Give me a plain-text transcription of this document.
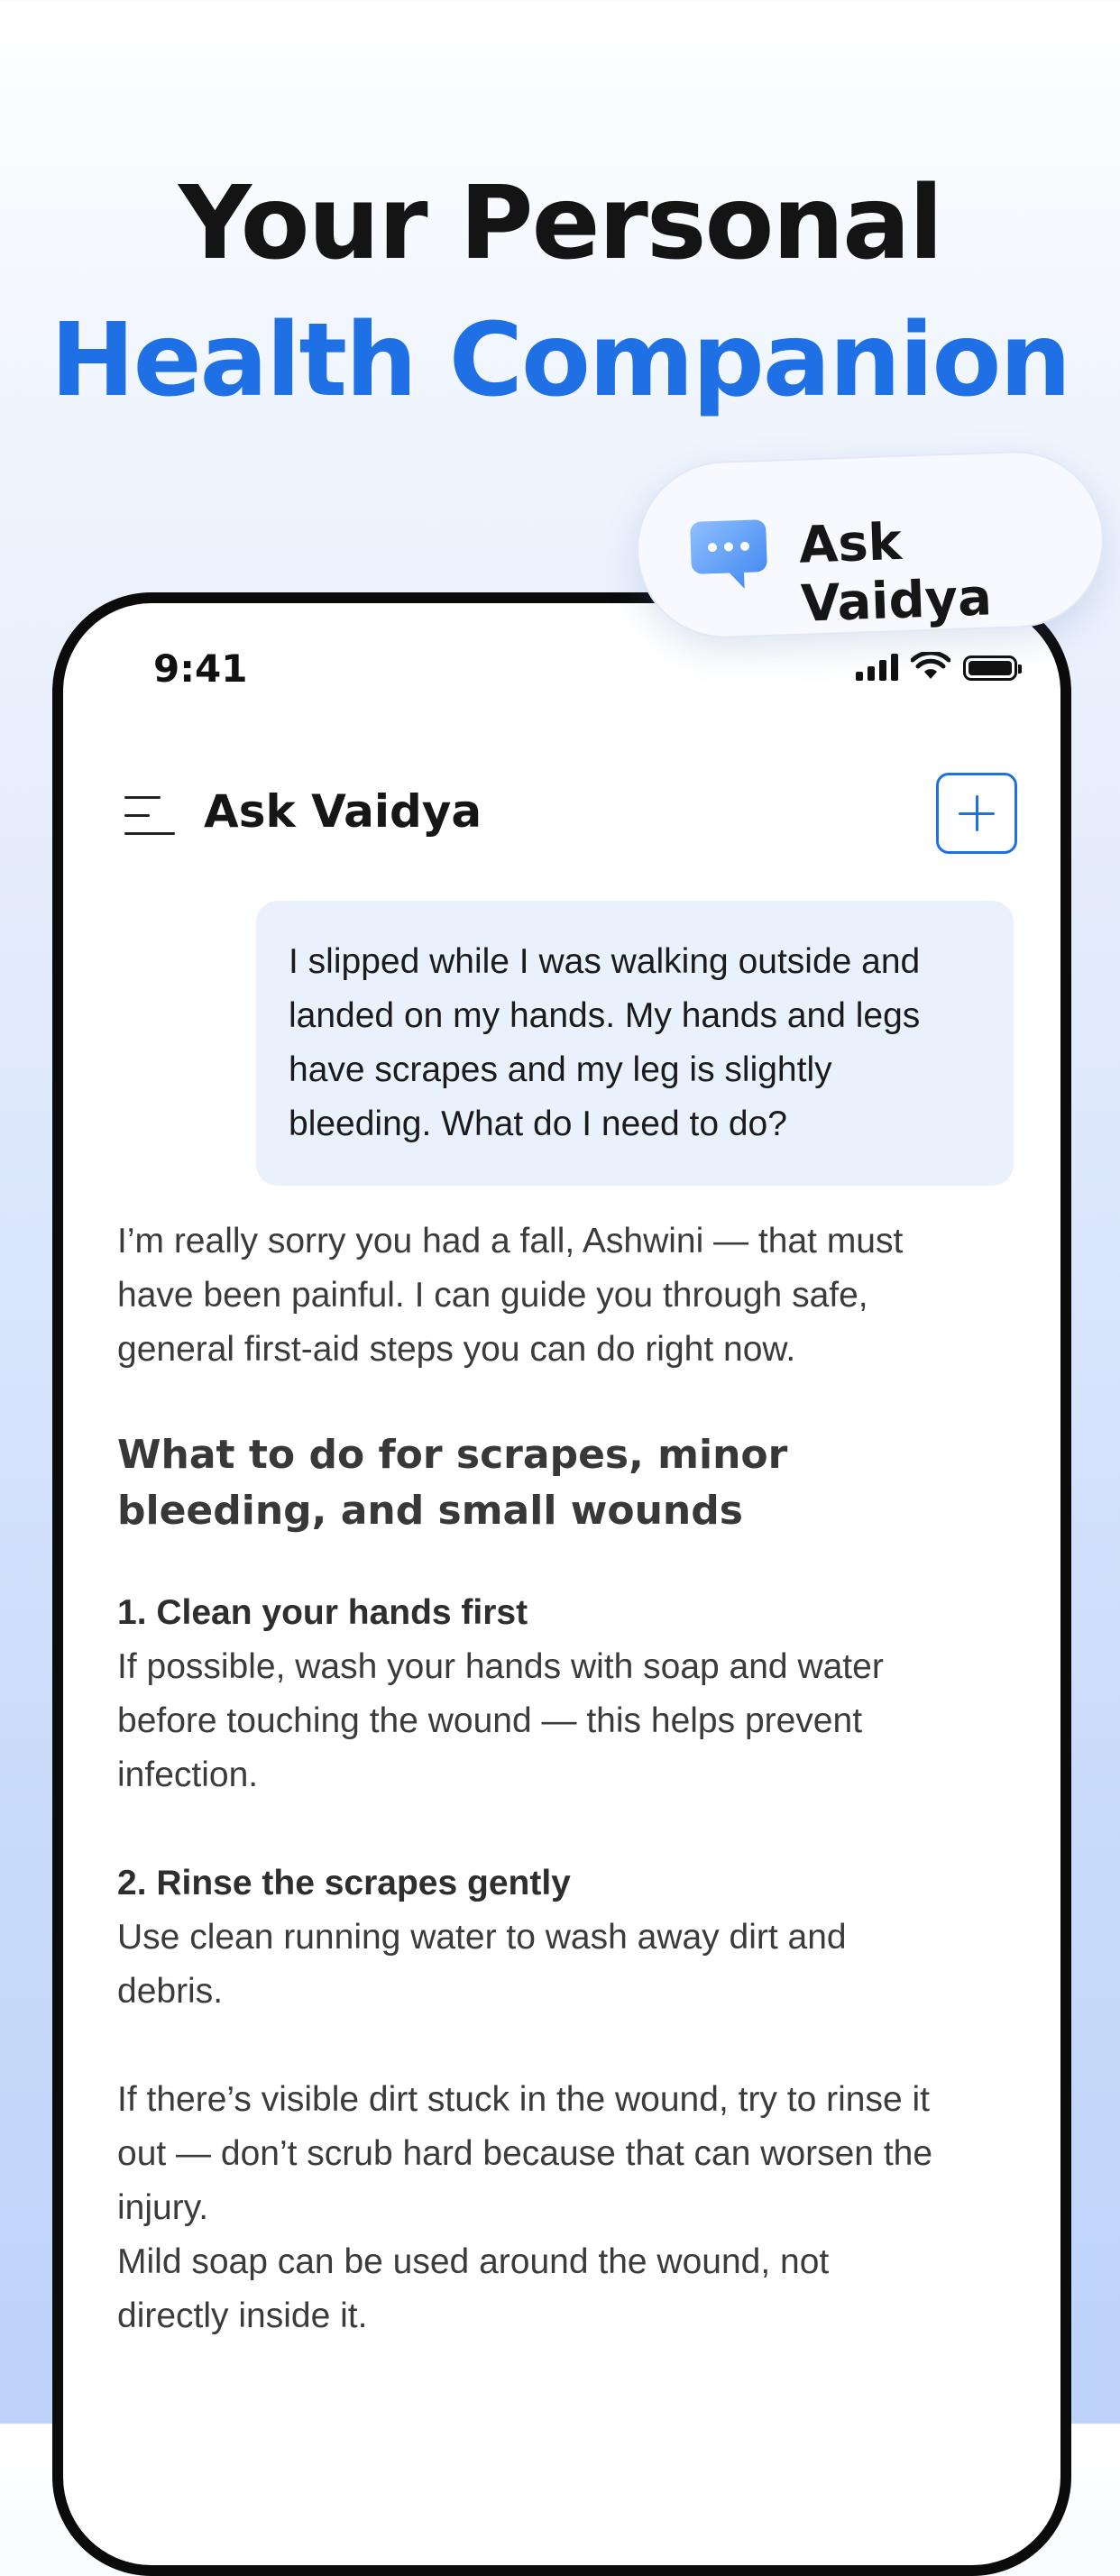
Your Personal
Health Companion
9:41
Ask Vaidya
I slipped while I was walking outside and landed on my hands. My hands and legs have scrapes and my leg is slightly bleeding. What do I need to do?

I’m really sorry you had a fall, Ashwini — that must have been painful. I can guide you through safe, general first-aid steps you can do right now.

What to do for scrapes, minor bleeding, and small wounds

1. Clean your hands first

If possible, wash your hands with soap and water before touching the wound — this helps prevent infection.

2. Rinse the scrapes gently

Use clean running water to wash away dirt and debris.

If there’s visible dirt stuck in the wound, try to rinse it out — don’t scrub hard because that can worsen the injury.

Mild soap can be used around the wound, not directly inside it.

Ask Vaidya
